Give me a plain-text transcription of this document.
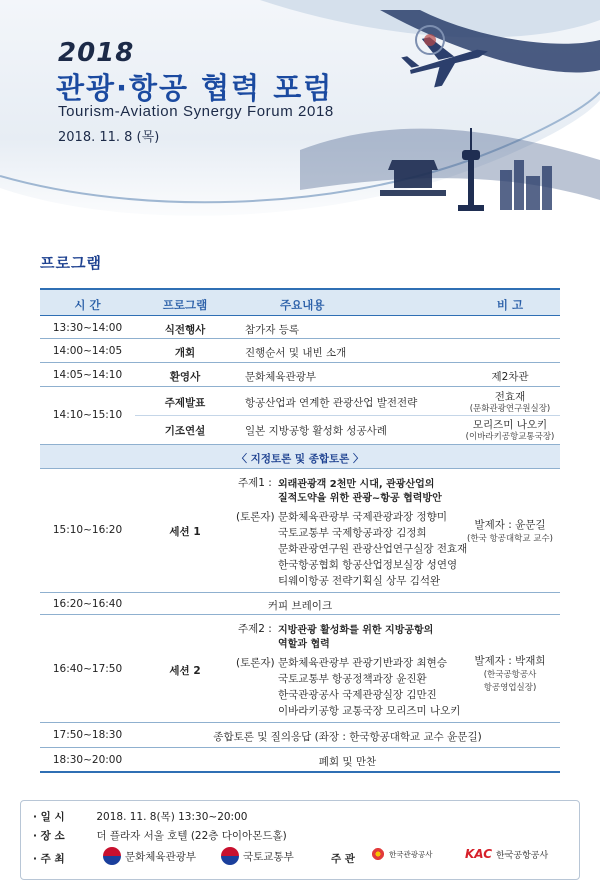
2018
관광·항공 협력 포럼
Tourism-Aviation Synergy Forum 2018
2018. 11. 8 (목)
프로그램
시 간	프로그램	주요내용	비 고
13:30~14:00	식전행사	참가자 등록
14:00~14:05	개회	진행순서 및 내빈 소개
14:05~14:10	환영사	문화체육관광부	제2차관
14:10~15:10
주제발표	항공산업과 연계한 관광산업 발전전략	전효재
(문화관광연구원실장)
기조연설	일본 지방공항 활성화 성공사례	모리즈미 나오키
(이바라키공항교통국장)
〈 지정토론 및 종합토론 〉
15:10~16:20	세션 1
주제1 : 외래관광객 2천만 시대, 관광산업의
질적도약을 위한 관광~항공 협력방안
(토론자) 문화체육관광부 국제관광과장 정향미
국토교통부 국제항공과장 김정희
문화관광연구원 관광산업연구실장 전효재
한국항공협회 항공산업정보실장 성연영
티웨이항공 전략기획실 상무 김석완
발제자 : 윤문길
(한국 항공대학교 교수)
16:20~16:40	커피 브레이크
16:40~17:50	세션 2
주제2 : 지방관광 활성화를 위한 지방공항의
역할과 협력
(토론자) 문화체육관광부 관광기반과장 최현승
국토교통부 항공정책과장 윤진환
한국관광공사 국제관광실장 김만진
이바라키공항 교통국장 모리즈미 나오키
발제자 : 박재희
(한국공항공사
항공영업실장)
17:50~18:30	종합토론 및 질의응답 (좌장 : 한국항공대학교 교수 윤문길)
18:30~20:00	폐회 및 만찬
· 일 시	2018. 11. 8(목) 13:30~20:00
· 장 소	더 플라자 서울 호텔 (22층 다이아몬드홀)
· 주 최	문화체육관광부	국토교통부	주 관	한국관광공사	KAC 한국공항공사
